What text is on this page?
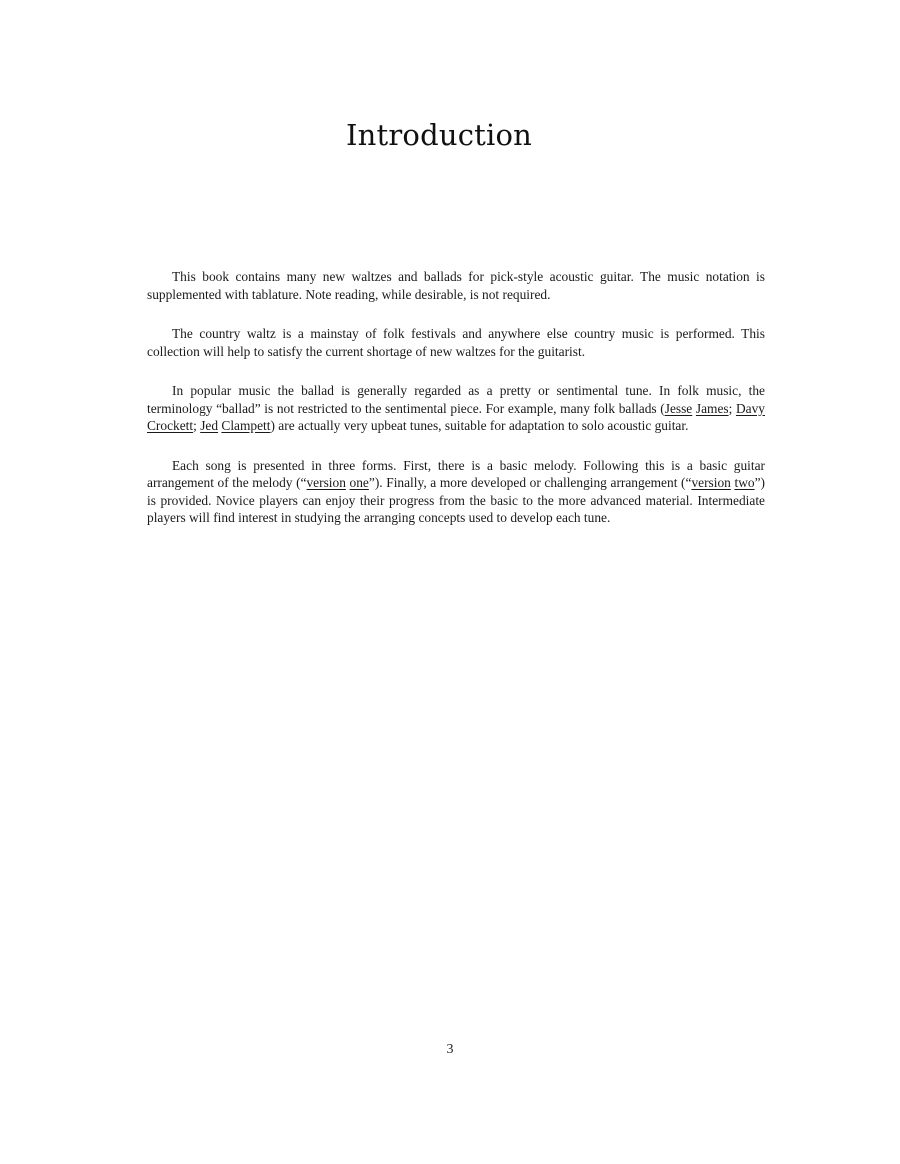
Introduction

This book contains many new waltzes and ballads for pick-style acoustic guitar. The music notation is supplemented with tablature. Note reading, while desirable, is not required.

The country waltz is a mainstay of folk festivals and anywhere else country music is performed. This collection will help to satisfy the current shortage of new waltzes for the guitarist.

In popular music the ballad is generally regarded as a pretty or sentimental tune. In folk music, the terminology “ballad” is not restricted to the sentimental piece. For example, many folk ballads (Jesse James; Davy Crockett; Jed Clampett) are actually very upbeat tunes, suitable for adaptation to solo acoustic guitar.

Each song is presented in three forms. First, there is a basic melody. Following this is a basic guitar arrangement of the melody (“version one”). Finally, a more developed or challenging arrangement (“version two”) is provided. Novice players can enjoy their progress from the basic to the more advanced material. Intermediate players will find interest in studying the arranging concepts used to develop each tune.

3
